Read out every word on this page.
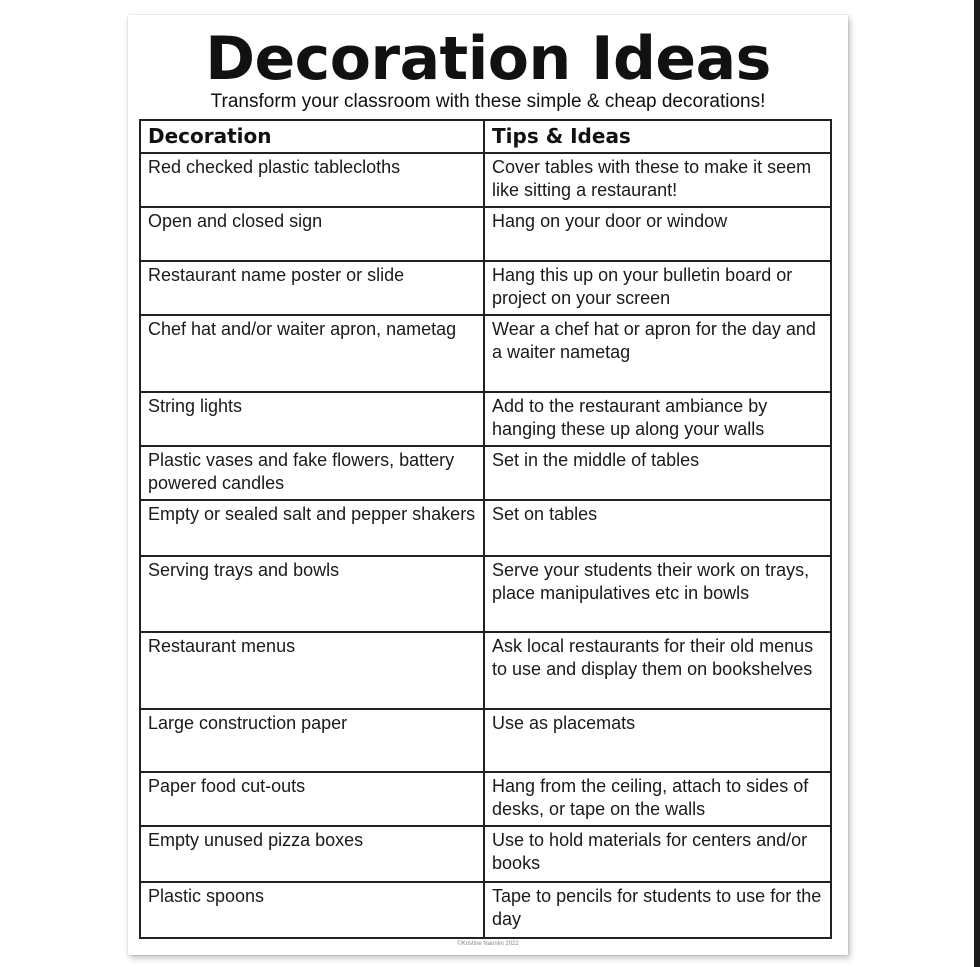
Decoration Ideas
Transform your classroom with these simple & cheap decorations!
Decoration	Tips & Ideas
Red checked plastic tablecloths	Cover tables with these to make it seem like sitting a restaurant!
Open and closed sign	Hang on your door or window
Restaurant name poster or slide	Hang this up on your bulletin board or project on your screen
Chef hat and/or waiter apron, nametag	Wear a chef hat or apron for the day and a waiter nametag
String lights	Add to the restaurant ambiance by hanging these up along your walls
Plastic vases and fake flowers, battery powered candles	Set in the middle of tables
Empty or sealed salt and pepper shakers	Set on tables
Serving trays and bowls	Serve your students their work on trays, place manipulatives etc in bowls
Restaurant menus	Ask local restaurants for their old menus to use and display them on bookshelves
Large construction paper	Use as placemats
Paper food cut-outs	Hang from the ceiling, attach to sides of desks, or tape on the walls
Empty unused pizza boxes	Use to hold materials for centers and/or books
Plastic spoons	Tape to pencils for students to use for the day
©Kristine Nannini 2022
